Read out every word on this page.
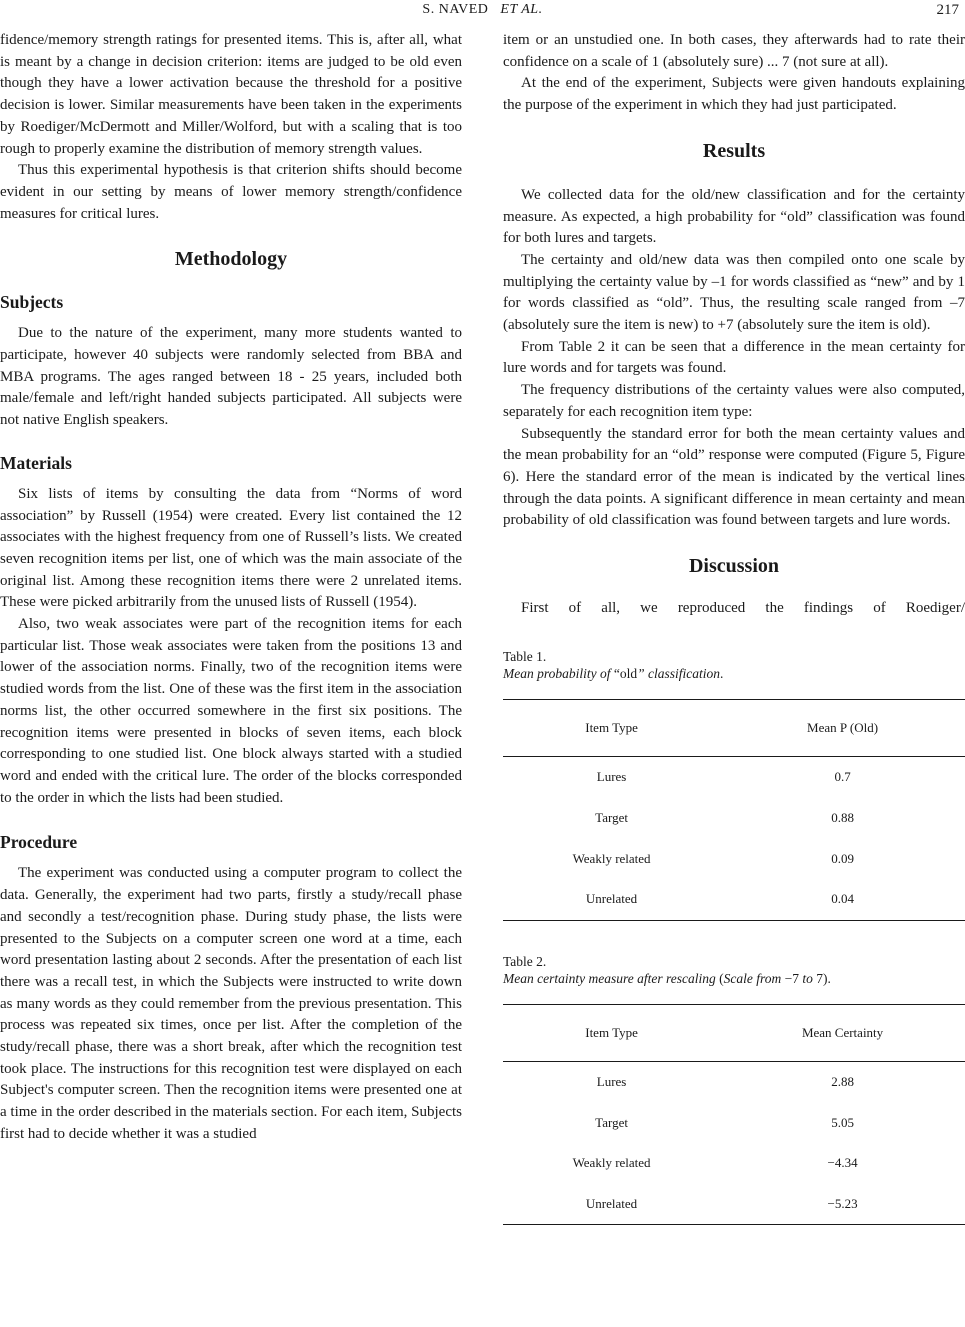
S. NAVED ET AL.	217

fidence/memory strength ratings for presented items. This is, after all, what is meant by a change in decision criterion: items are judged to be old even though they have a lower activation because the threshold for a positive decision is lower. Similar measurements have been taken in the experiments by Roediger/McDermott and Miller/Wolford, but with a scaling that is too rough to properly examine the distribution of memory strength values.

Thus this experimental hypothesis is that criterion shifts should become evident in our setting by means of lower memory strength/confidence measures for critical lures.

Methodology
Subjects

Due to the nature of the experiment, many more students wanted to participate, however 40 subjects were randomly selected from BBA and MBA programs. The ages ranged between 18 - 25 years, included both male/female and left/right handed subjects participated. All subjects were not native English speakers.

Materials

Six lists of items by consulting the data from “Norms of word association” by Russell (1954) were created. Every list contained the 12 associates with the highest frequency from one of Russell’s lists. We created seven recognition items per list, one of which was the main associate of the original list. Among these recognition items there were 2 unrelated items. These were picked arbitrarily from the unused lists of Russell (1954).

Also, two weak associates were part of the recognition items for each particular list. Those weak associates were taken from the positions 13 and lower of the association norms. Finally, two of the recognition items were studied words from the list. One of these was the first item in the association norms list, the other occurred somewhere in the first six positions. The recognition items were presented in blocks of seven items, each block corresponding to one studied list. One block always started with a studied word and ended with the critical lure. The order of the blocks corresponded to the order in which the lists had been studied.

Procedure

The experiment was conducted using a computer program to collect the data. Generally, the experiment had two parts, firstly a study/recall phase and secondly a test/recognition phase. During study phase, the lists were presented to the Subjects on a computer screen one word at a time, each word presentation lasting about 2 seconds. After the presentation of each list there was a recall test, in which the Subjects were instructed to write down as many words as they could remember from the previous presentation. This process was repeated six times, once per list. After the completion of the study/recall phase, there was a short break, after which the recognition test took place. The instructions for this recognition test were displayed on each Subject's computer screen. Then the recognition items were presented one at a time in the order described in the materials section. For each item, Subjects first had to decide whether it was a studied

item or an unstudied one. In both cases, they afterwards had to rate their confidence on a scale of 1 (absolutely sure) ... 7 (not sure at all).

At the end of the experiment, Subjects were given handouts explaining the purpose of the experiment in which they had just participated.

Results

We collected data for the old/new classification and for the certainty measure. As expected, a high probability for “old” classification was found for both lures and targets.

The certainty and old/new data was then compiled onto one scale by multiplying the certainty value by –1 for words classified as “new” and by 1 for words classified as “old”. Thus, the resulting scale ranged from –7 (absolutely sure the item is new) to +7 (absolutely sure the item is old).

From Table 2 it can be seen that a difference in the mean certainty for lure words and for targets was found.

The frequency distributions of the certainty values were also computed, separately for each recognition item type:

Subsequently the standard error for both the mean certainty values and the mean probability for an “old” response were computed (Figure 5, Figure 6). Here the standard error of the mean is indicated by the vertical lines through the data points. A significant difference in mean certainty and mean probability of old classification was found between targets and lure words.

Discussion

First of all, we reproduced the findings of Roediger/

Table 1.
Mean probability of “old” classification.
Item Type	Mean P (Old)
Lures	0.7
Target	0.88
Weakly related	0.09
Unrelated	0.04
Table 2.
Mean certainty measure after rescaling (Scale from −7 to 7).
Item Type	Mean Certainty
Lures	2.88
Target	5.05
Weakly related	−4.34
Unrelated	−5.23
